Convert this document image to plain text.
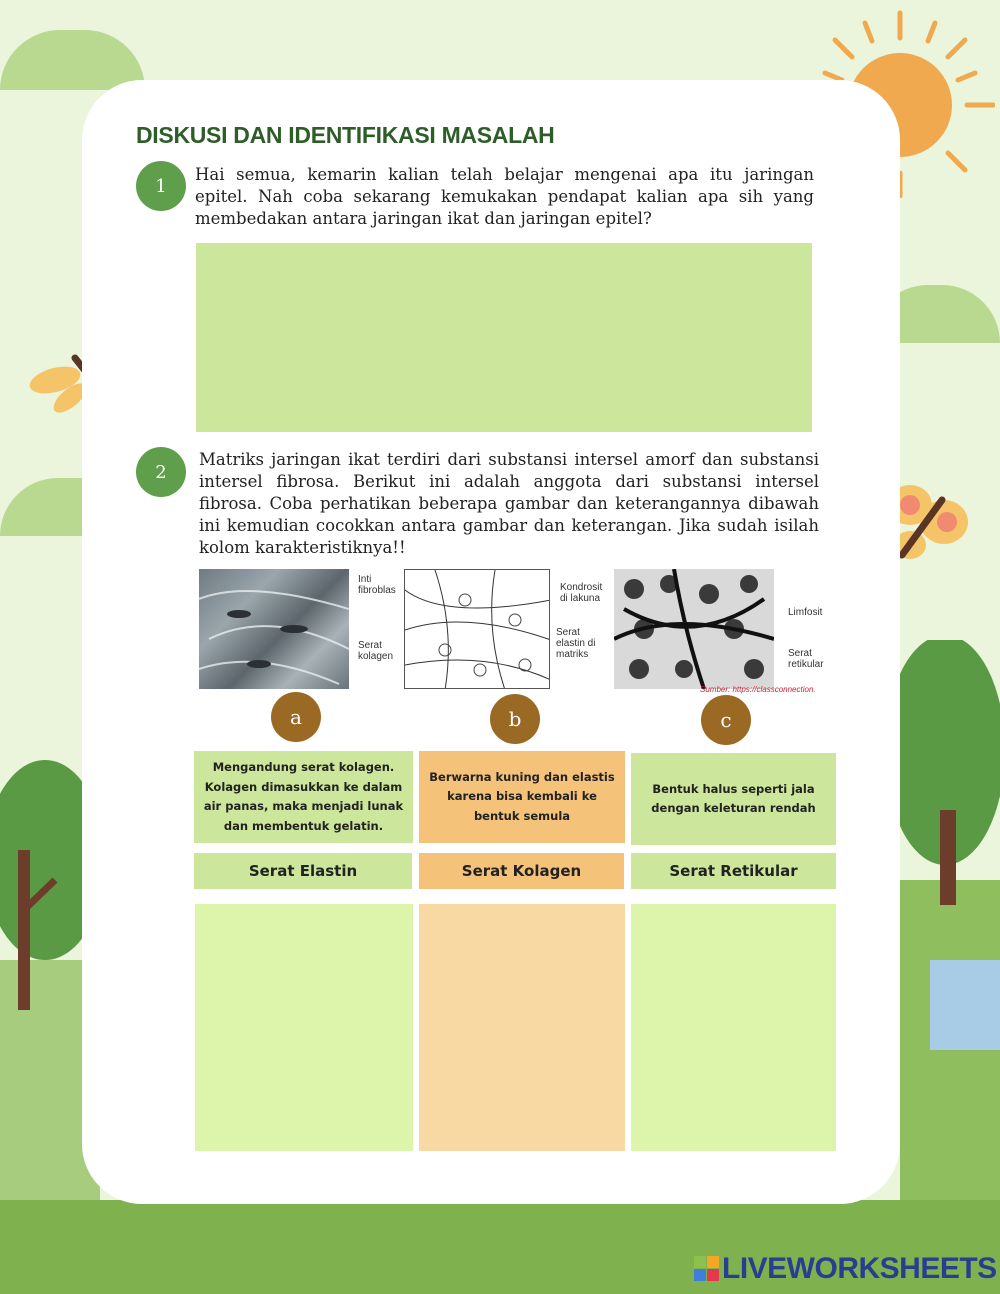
DISKUSI DAN IDENTIFIKASI MASALAH
1
Hai semua, kemarin kalian telah belajar mengenai apa itu jaringan epitel. Nah coba sekarang kemukakan pendapat kalian apa sih yang membedakan antara jaringan ikat dan jaringan epitel?
2
Matriks jaringan ikat terdiri dari substansi intersel amorf dan substansi intersel fibrosa. Berikut ini adalah anggota dari substansi intersel fibrosa. Coba perhatikan beberapa gambar dan keterangannya dibawah ini kemudian cocokkan antara gambar dan keterangan. Jika sudah isilah kolom karakteristiknya!!
Inti fibroblas
Serat kolagen
Kondrosit di lakuna
Serat elastin di matriks
Limfosit
Serat retikular
Sumber: https://classconnection.
a	b	c
Mengandung serat kolagen. Kolagen dimasukkan ke dalam air panas, maka menjadi lunak dan membentuk gelatin.
Berwarna kuning dan elastis karena bisa kembali ke bentuk semula
Bentuk halus seperti jala dengan keleturan rendah
Serat Elastin	Serat Kolagen	Serat Retikular
LIVEWORKSHEETS
